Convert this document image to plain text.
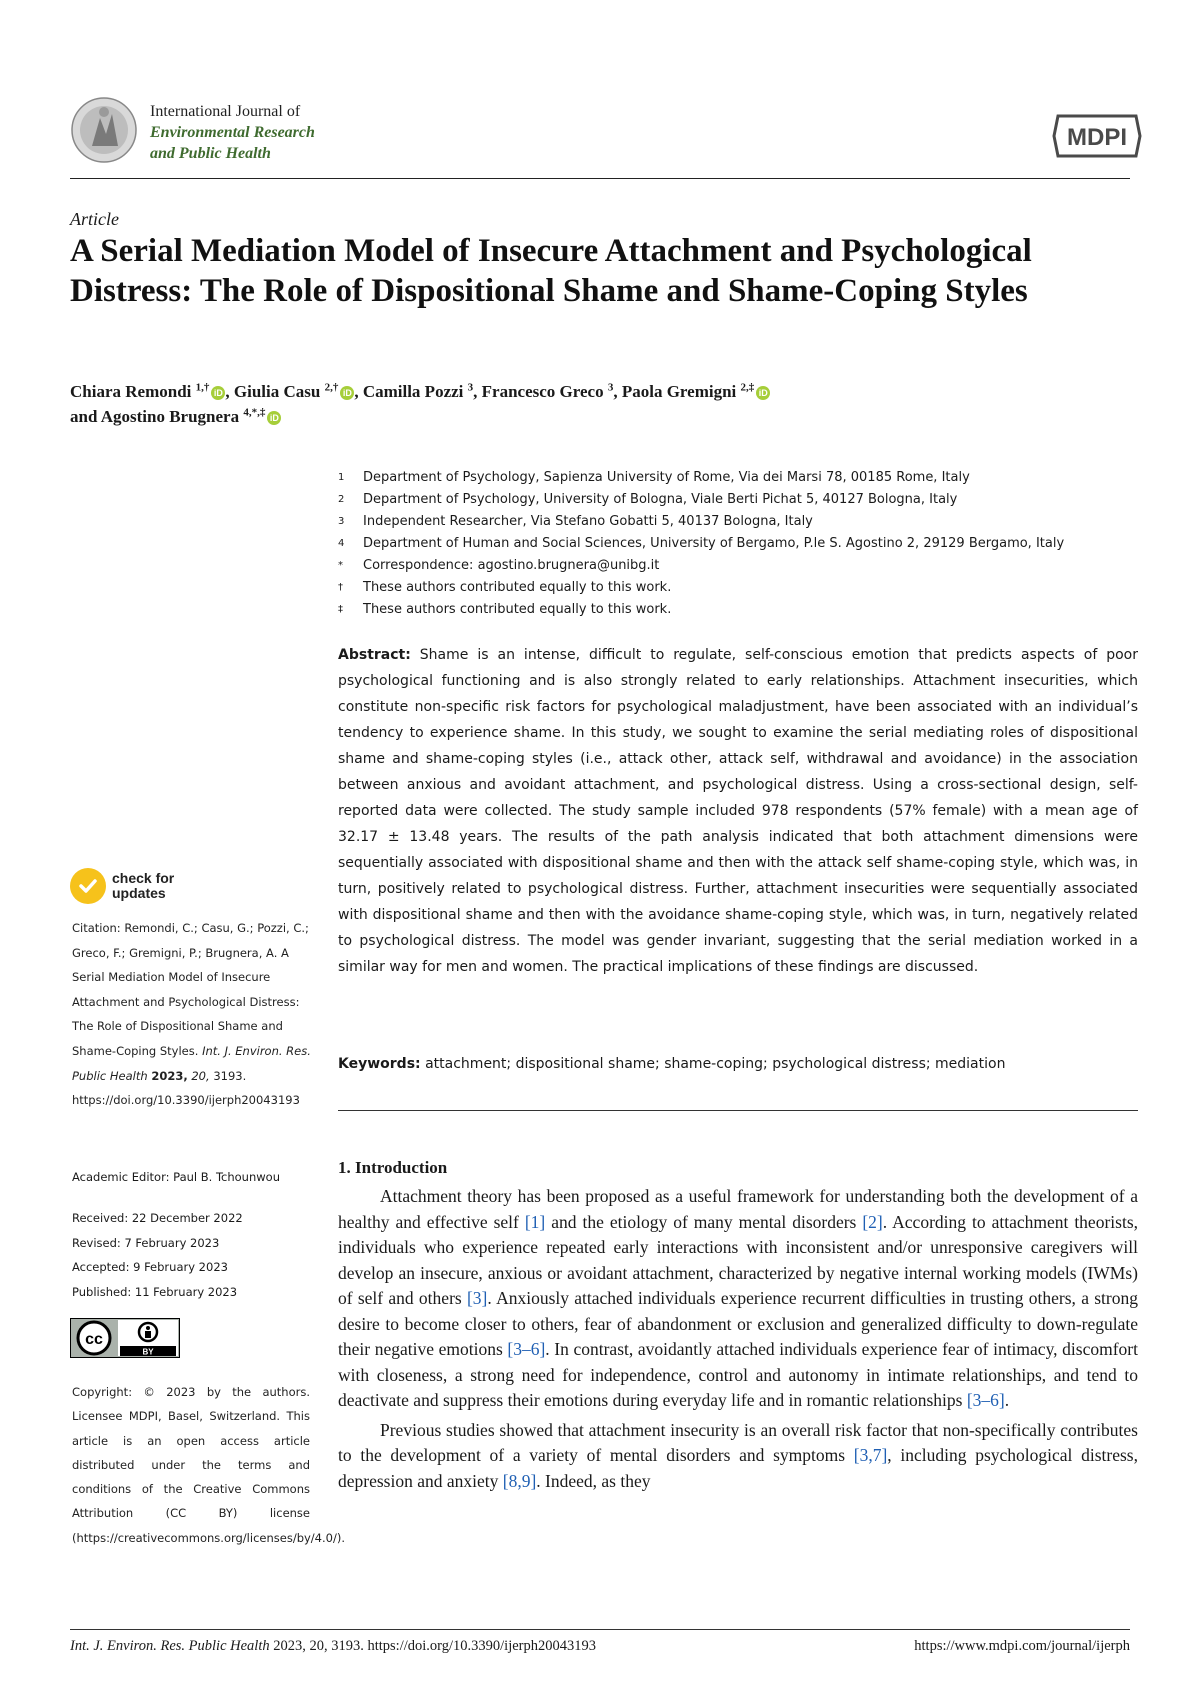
International Journal of
Environmental Research
and Public Health
MDPI
Article
A Serial Mediation Model of Insecure Attachment and Psychological Distress: The Role of Dispositional Shame and Shame-Coping Styles
Chiara Remondi $^{1,\dagger}$ iD , Giulia Casu $^{2,\dagger}$ iD , Camilla Pozzi $^3$, Francesco Greco $^3$, Paola Gremigni $^{2,\ddagger}$ iD
and Agostino Brugnera $^{4,*,\ddagger}$ iD
1	Department of Psychology, Sapienza University of Rome, Via dei Marsi 78, 00185 Rome, Italy
2	Department of Psychology, University of Bologna, Viale Berti Pichat 5, 40127 Bologna, Italy
3	Independent Researcher, Via Stefano Gobatti 5, 40137 Bologna, Italy
4	Department of Human and Social Sciences, University of Bergamo, P.le S. Agostino 2, 29129 Bergamo, Italy
*	Correspondence: agostino.brugnera@unibg.it
†	These authors contributed equally to this work.
‡	These authors contributed equally to this work.
Abstract: Shame is an intense, difficult to regulate, self-conscious emotion that predicts aspects of poor psychological functioning and is also strongly related to early relationships. Attachment insecurities, which constitute non-specific risk factors for psychological maladjustment, have been associated with an individual’s tendency to experience shame. In this study, we sought to examine the serial mediating roles of dispositional shame and shame-coping styles (i.e., attack other, attack self, withdrawal and avoidance) in the association between anxious and avoidant attachment, and psychological distress. Using a cross-sectional design, self-reported data were collected. The study sample included 978 respondents (57% female) with a mean age of 32.17 ± 13.48 years. The results of the path analysis indicated that both attachment dimensions were sequentially associated with dispositional shame and then with the attack self shame-coping style, which was, in turn, positively related to psychological distress. Further, attachment insecurities were sequentially associated with dispositional shame and then with the avoidance shame-coping style, which was, in turn, negatively related to psychological distress. The model was gender invariant, suggesting that the serial mediation worked in a similar way for men and women. The practical implications of these findings are discussed.
Keywords: attachment; dispositional shame; shame-coping; psychological distress; mediation
1. Introduction

Attachment theory has been proposed as a useful framework for understanding both the development of a healthy and effective self [1] and the etiology of many mental disorders [2]. According to attachment theorists, individuals who experience repeated early interactions with inconsistent and/or unresponsive caregivers will develop an insecure, anxious or avoidant attachment, characterized by negative internal working models (IWMs) of self and others [3]. Anxiously attached individuals experience recurrent difficulties in trusting others, a strong desire to become closer to others, fear of abandonment or exclusion and generalized difficulty to down-regulate their negative emotions [3–6]. In contrast, avoidantly attached individuals experience fear of intimacy, discomfort with closeness, a strong need for independence, control and autonomy in intimate relationships, and tend to deactivate and suppress their emotions during everyday life and in romantic relationships [3–6].

Previous studies showed that attachment insecurity is an overall risk factor that non-specifically contributes to the development of a variety of mental disorders and symptoms [3,7], including psychological distress, depression and anxiety [8,9]. Indeed, as they

check for
updates
Citation: Remondi, C.; Casu, G.; Pozzi, C.; Greco, F.; Gremigni, P.; Brugnera, A. A Serial Mediation Model of Insecure Attachment and Psychological Distress: The Role of Dispositional Shame and Shame-Coping Styles. Int. J. Environ. Res. Public Health 2023, 20, 3193. https://doi.org/10.3390/ijerph20043193
Academic Editor: Paul B. Tchounwou
Received: 22 December 2022
Revised: 7 February 2023
Accepted: 9 February 2023
Published: 11 February 2023
cc
BY
Copyright: © 2023 by the authors. Licensee MDPI, Basel, Switzerland. This article is an open access article distributed under the terms and conditions of the Creative Commons Attribution (CC BY) license (https://creativecommons.org/licenses/by/4.0/).
Int. J. Environ. Res. Public Health 2023, 20, 3193. https://doi.org/10.3390/ijerph20043193	https://www.mdpi.com/journal/ijerph
